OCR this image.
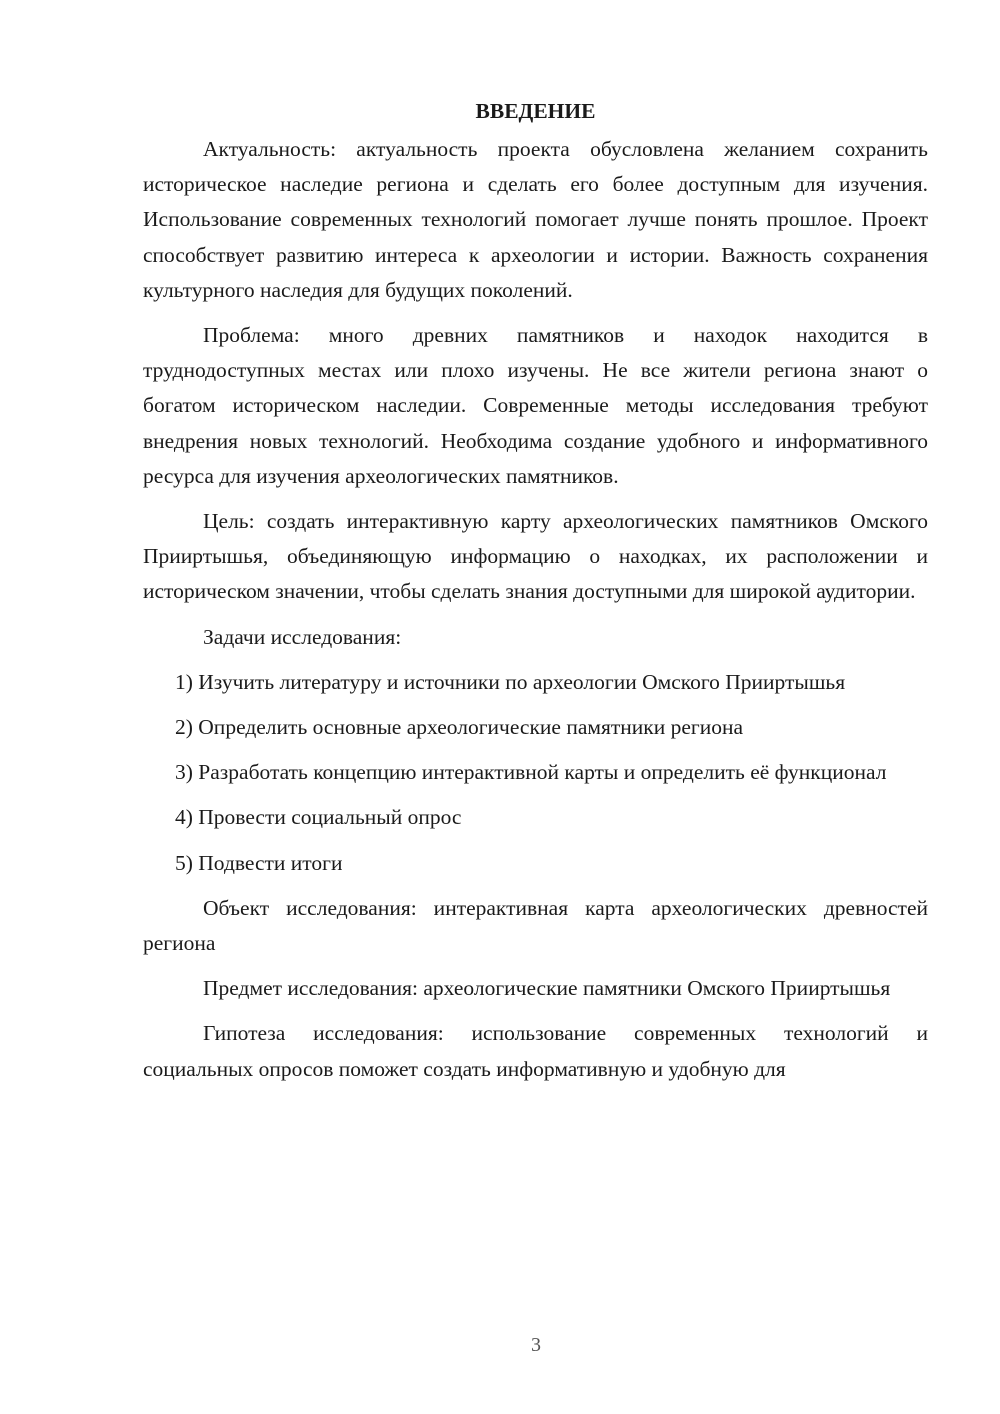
ВВЕДЕНИЕ

Актуальность: актуальность проекта обусловлена желанием сохранить историческое наследие региона и сделать его более доступным для изучения. Использование современных технологий помогает лучше понять прошлое. Проект способствует развитию интереса к археологии и истории. Важность сохранения культурного наследия для будущих поколений.

Проблема: много древних памятников и находок находится в труднодоступных местах или плохо изучены. Не все жители региона знают о богатом историческом наследии. Современные методы исследования требуют внедрения новых технологий. Необходима создание удобного и информативного ресурса для изучения археологических памятников.

Цель: создать интерактивную карту археологических памятников Омского Прииртышья, объединяющую информацию о находках, их расположении и историческом значении, чтобы сделать знания доступными для широкой аудитории.

Задачи исследования:

1) Изучить литературу и источники по археологии Омского Прииртышья

2) Определить основные археологические памятники региона

3) Разработать концепцию интерактивной карты и определить её функционал

4) Провести социальный опрос

5) Подвести итоги

Объект исследования: интерактивная карта археологических древностей региона

Предмет исследования: археологические памятники Омского Прииртышья

Гипотеза исследования: использование современных технологий и социальных опросов поможет создать информативную и удобную для

3
